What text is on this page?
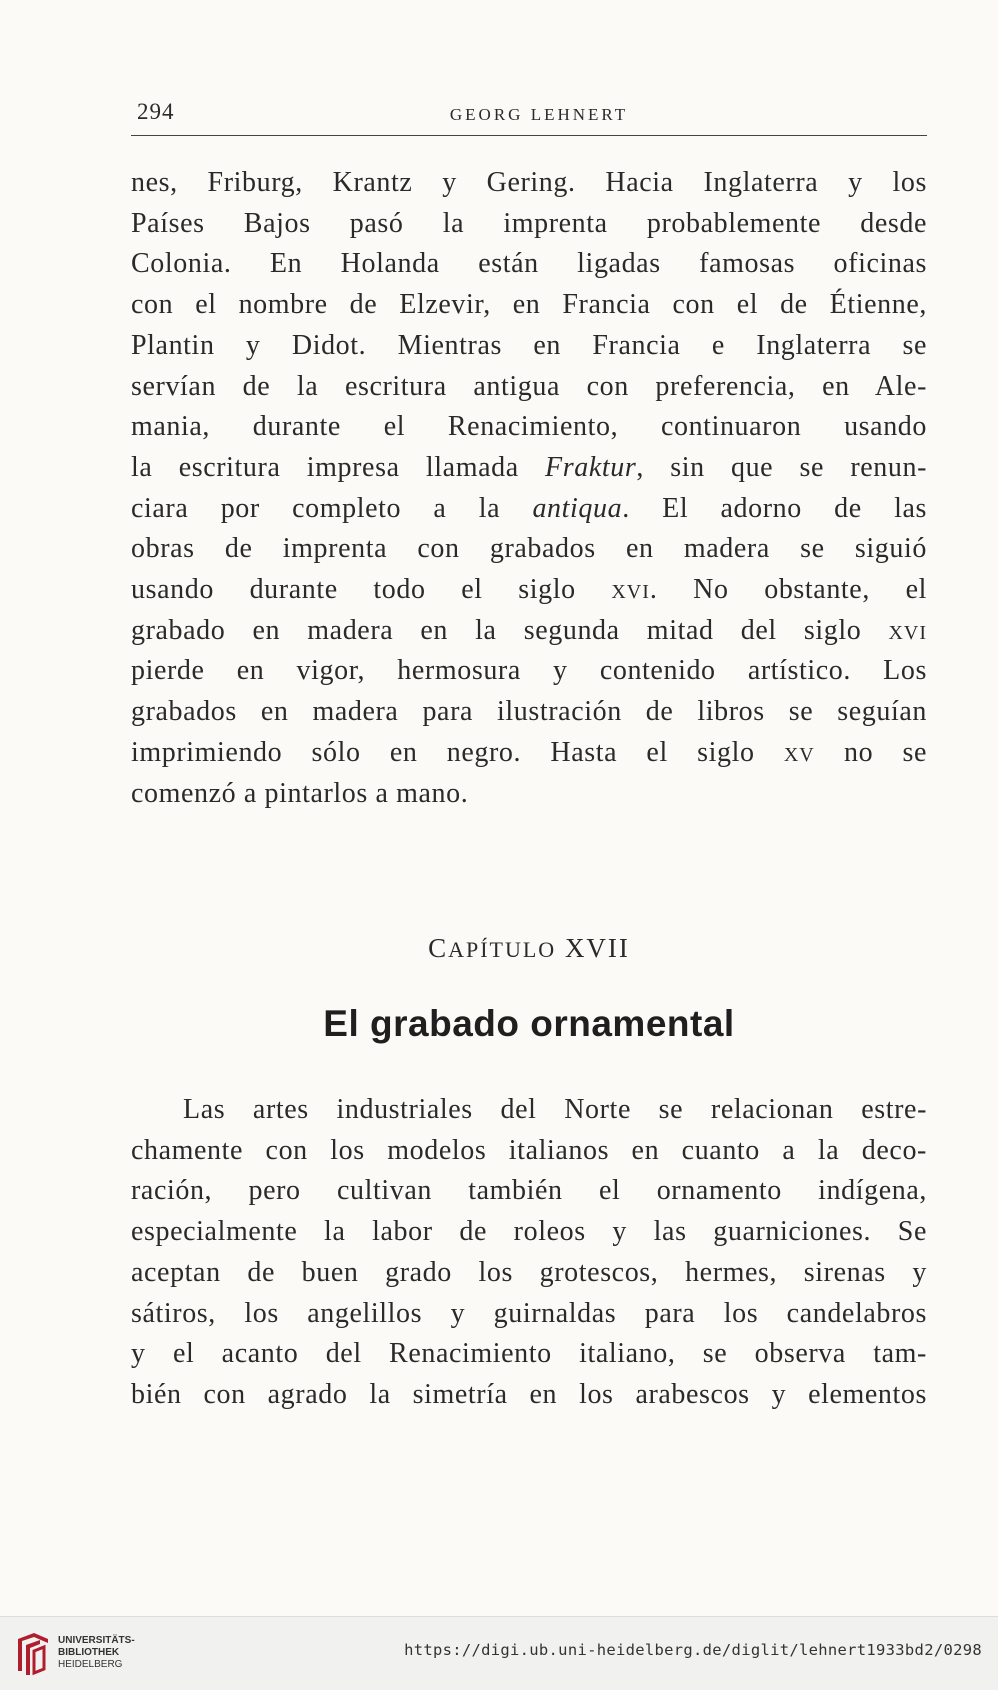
294	GEORG LEHNERT
nes, Friburg, Krantz y Gering. Hacia Inglaterra y los
Países Bajos pasó la imprenta probablemente desde
Colonia. En Holanda están ligadas famosas oficinas
con el nombre de Elzevir, en Francia con el de Étienne,
Plantin y Didot. Mientras en Francia e Inglaterra se
servían de la escritura antigua con preferencia, en Ale-
mania, durante el Renacimiento, continuaron usando
la escritura impresa llamada Fraktur, sin que se renun-
ciara por completo a la antiqua. El adorno de las
obras de imprenta con grabados en madera se siguió
usando durante todo el siglo xvi. No obstante, el
grabado en madera en la segunda mitad del siglo xvi
pierde en vigor, hermosura y contenido artístico. Los
grabados en madera para ilustración de libros se seguían
imprimiendo sólo en negro. Hasta el siglo xv no se
comenzó a pintarlos a mano.
CAPÍTULO XVII
El grabado ornamental
Las artes industriales del Norte se relacionan estre-
chamente con los modelos italianos en cuanto a la deco-
ración, pero cultivan también el ornamento indígena,
especialmente la labor de roleos y las guarniciones. Se
aceptan de buen grado los grotescos, hermes, sirenas y
sátiros, los angelillos y guirnaldas para los candelabros
y el acanto del Renacimiento italiano, se observa tam-
bién con agrado la simetría en los arabescos y elementos
UNIVERSITÄTS-
BIBLIOTHEK
HEIDELBERG
https://digi.ub.uni-heidelberg.de/diglit/lehnert1933bd2/0298
